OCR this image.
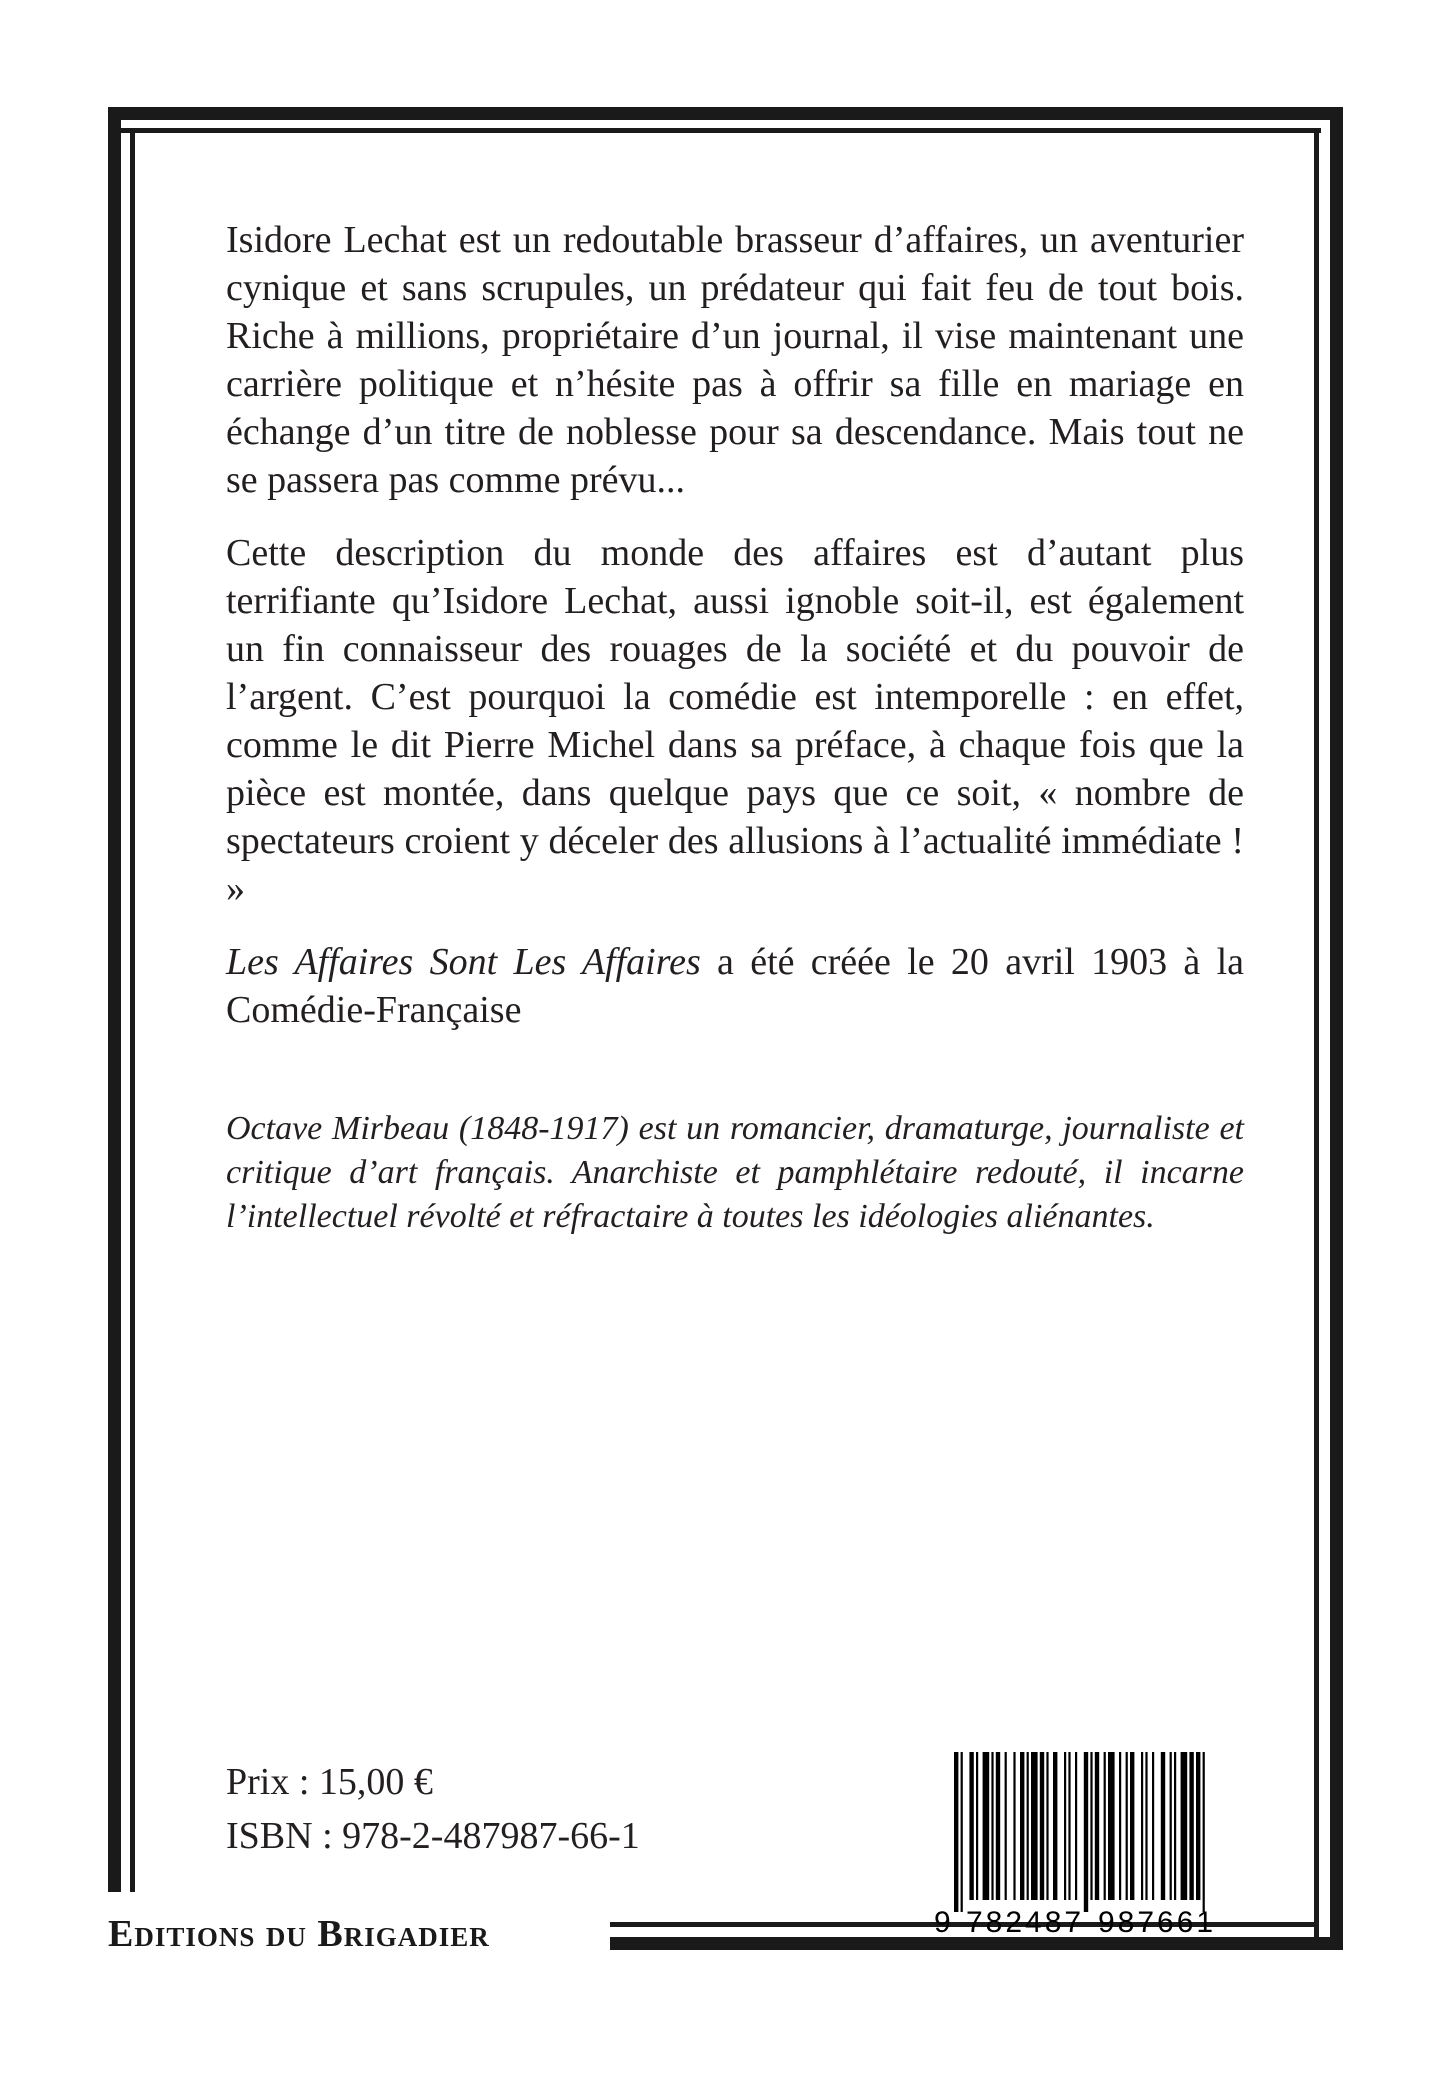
Isidore Lechat est un redoutable brasseur d’affaires, un aventurier cynique et sans scrupules, un prédateur qui fait feu de tout bois. Riche à millions, propriétaire d’un journal, il vise maintenant une carrière politique et n’hésite pas à offrir sa fille en mariage en échange d’un titre de noblesse pour sa descendance. Mais tout ne se passera pas comme prévu...

Cette description du monde des affaires est d’autant plus terrifiante qu’Isidore Lechat, aussi ignoble soit-il, est également un fin connaisseur des rouages de la société et du pouvoir de l’argent. C’est pourquoi la comédie est intemporelle : en effet, comme le dit Pierre Michel dans sa préface, à chaque fois que la pièce est montée, dans quelque pays que ce soit, « nombre de spectateurs croient y déceler des allusions à l’actualité immédiate ! »

Les Affaires Sont Les Affaires a été créée le 20 avril 1903 à la Comédie-Française

Octave Mirbeau (1848-1917) est un romancier, dramaturge, journaliste et critique d’art français. Anarchiste et pamphlétaire redouté, il incarne l’intellectuel révolté et réfractaire à toutes les idéologies aliénantes.

Prix : 15,00 €

ISBN : 978-2-487987-66-1

9 782487 987661

Editions du Brigadier
